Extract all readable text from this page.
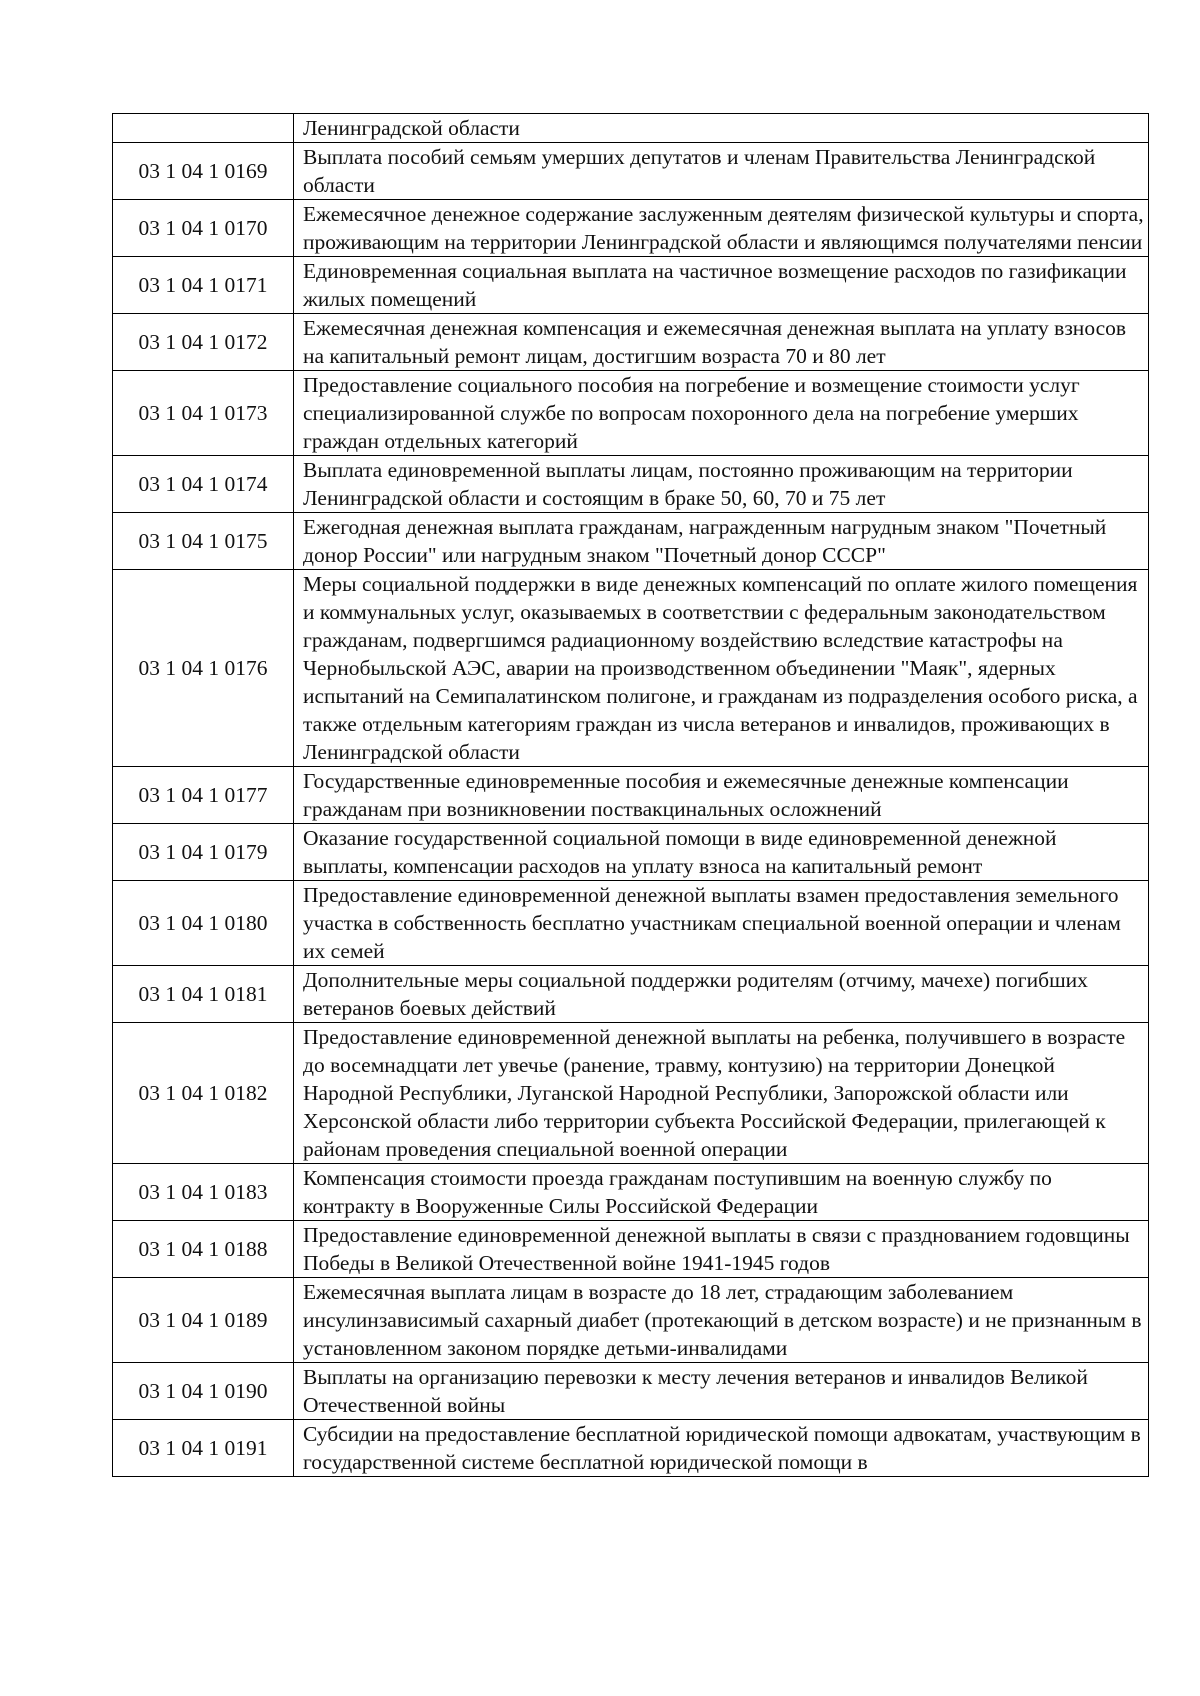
	Ленинградской области
03 1 04 1 0169	Выплата пособий семьям умерших депутатов и членам Правительства Ленинградской области
03 1 04 1 0170	Ежемесячное денежное содержание заслуженным деятелям физической культуры и спорта, проживающим на территории Ленинградской области и являющимся получателями пенсии
03 1 04 1 0171	Единовременная социальная выплата на частичное возмещение расходов по газификации жилых помещений
03 1 04 1 0172	Ежемесячная денежная компенсация и ежемесячная денежная выплата на уплату взносов на капитальный ремонт лицам, достигшим возраста 70 и 80 лет
03 1 04 1 0173	Предоставление социального пособия на погребение и возмещение стоимости услуг специализированной службе по вопросам похоронного дела на погребение умерших граждан отдельных категорий
03 1 04 1 0174	Выплата единовременной выплаты лицам, постоянно проживающим на территории Ленинградской области и состоящим в браке 50, 60, 70 и 75 лет
03 1 04 1 0175	Ежегодная денежная выплата гражданам, награжденным нагрудным знаком "Почетный донор России" или нагрудным знаком "Почетный донор СССР"
03 1 04 1 0176	Меры социальной поддержки в виде денежных компенсаций по оплате жилого помещения и коммунальных услуг, оказываемых в соответствии с федеральным законодательством гражданам, подвергшимся радиационному воздействию вследствие катастрофы на Чернобыльской АЭС, аварии на производственном объединении "Маяк", ядерных испытаний на Семипалатинском полигоне, и гражданам из подразделения особого риска, а также отдельным категориям граждан из числа ветеранов и инвалидов, проживающих в Ленинградской области
03 1 04 1 0177	Государственные единовременные пособия и ежемесячные денежные компенсации гражданам при возникновении поствакцинальных осложнений
03 1 04 1 0179	Оказание государственной социальной помощи в виде единовременной денежной выплаты, компенсации расходов на уплату взноса на капитальный ремонт
03 1 04 1 0180	Предоставление единовременной денежной выплаты взамен предоставления земельного участка в собственность бесплатно участникам специальной военной операции и членам их семей
03 1 04 1 0181	Дополнительные меры социальной поддержки родителям (отчиму, мачехе) погибших ветеранов боевых действий
03 1 04 1 0182	Предоставление единовременной денежной выплаты на ребенка, получившего в возрасте до восемнадцати лет увечье (ранение, травму, контузию) на территории Донецкой Народной Республики, Луганской Народной Республики, Запорожской области или Херсонской области либо территории субъекта Российской Федерации, прилегающей к районам проведения специальной военной операции
03 1 04 1 0183	Компенсация стоимости проезда гражданам поступившим на военную службу по контракту в Вооруженные Силы Российской Федерации
03 1 04 1 0188	Предоставление единовременной денежной выплаты в связи с празднованием годовщины Победы в Великой Отечественной войне 1941-1945 годов
03 1 04 1 0189	Ежемесячная выплата лицам в возрасте до 18 лет, страдающим заболеванием инсулинзависимый сахарный диабет (протекающий в детском возрасте) и не признанным в установленном законом порядке детьми-инвалидами
03 1 04 1 0190	Выплаты на организацию перевозки к месту лечения ветеранов и инвалидов Великой Отечественной войны
03 1 04 1 0191	Субсидии на предоставление бесплатной юридической помощи адвокатам, участвующим в государственной системе бесплатной юридической помощи в
